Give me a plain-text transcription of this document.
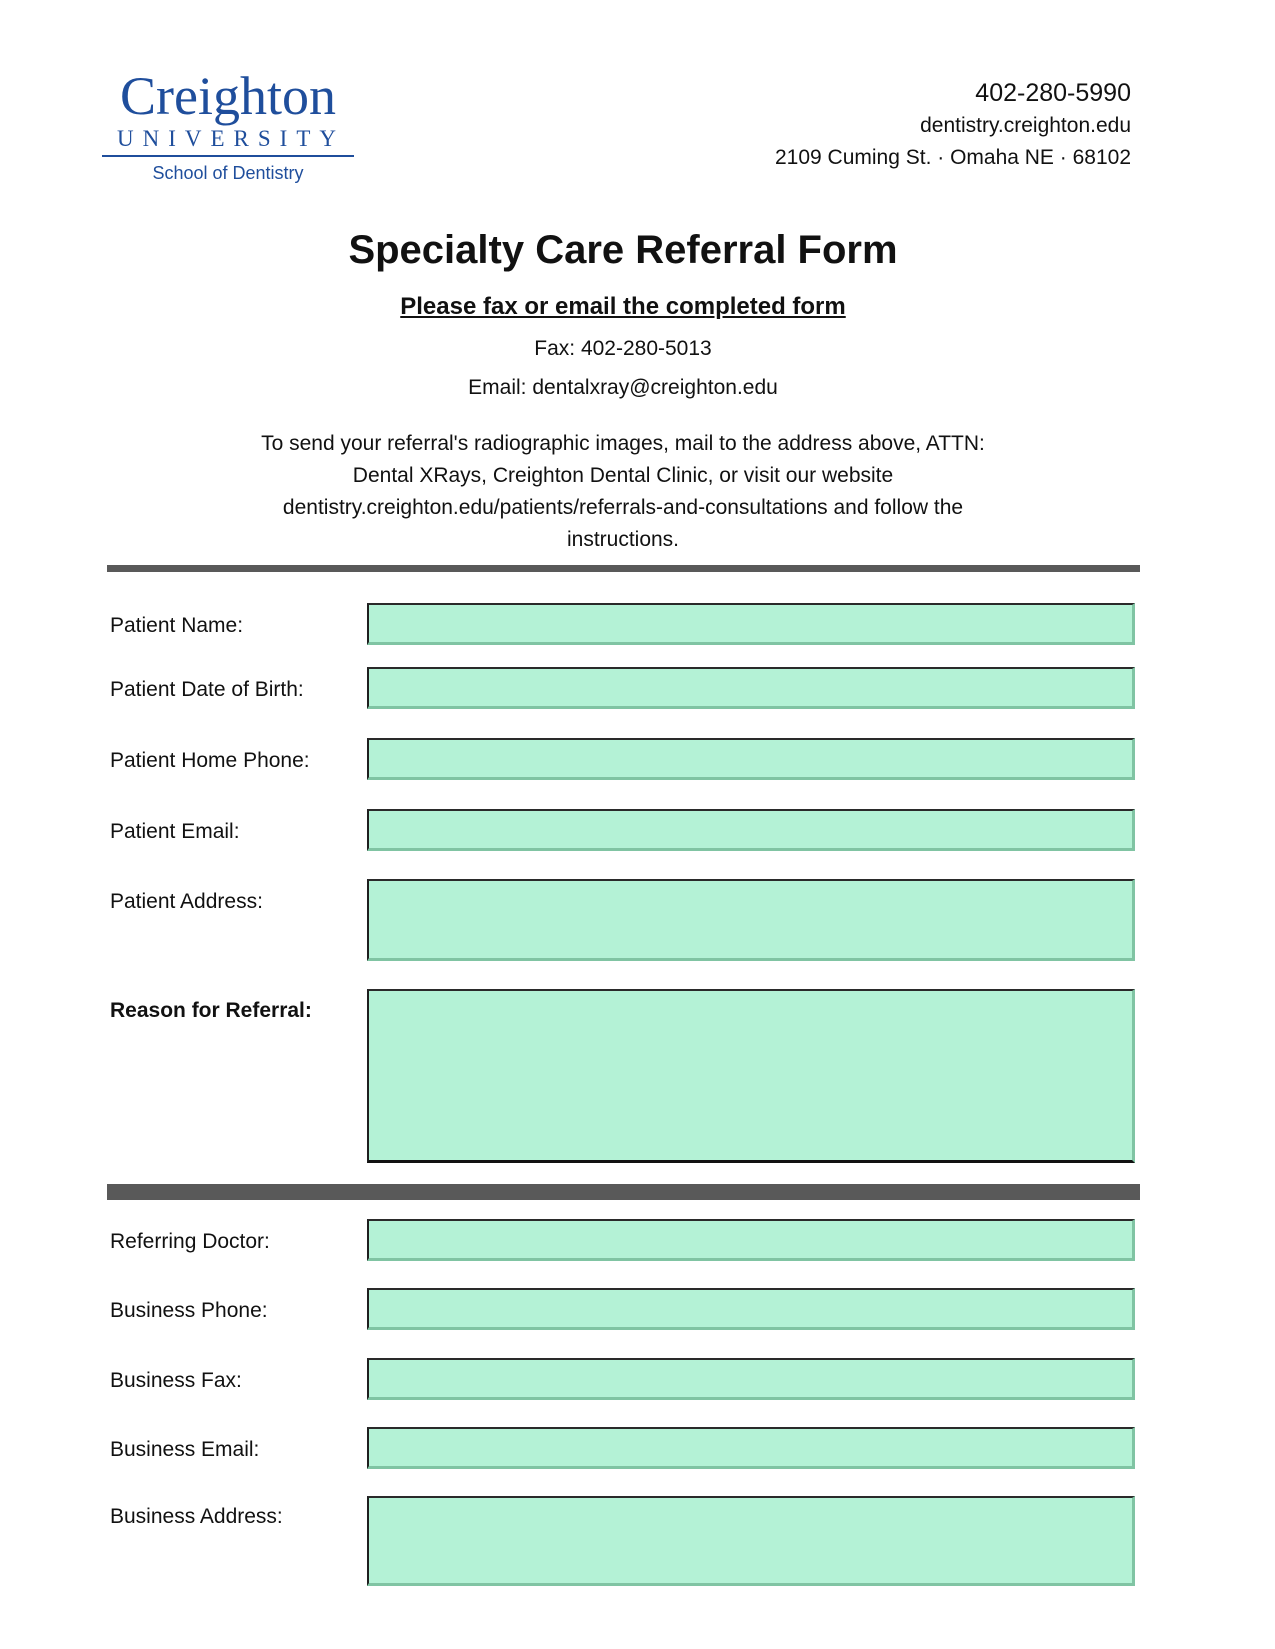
Creighton
UNIVERSITY
School of Dentistry
402-280-5990
dentistry.creighton.edu
2109 Cuming St. · Omaha NE · 68102
Specialty Care Referral Form
Please fax or email the completed form
Fax: 402-280-5013
Email: dentalxray@creighton.edu
To send your referral's radiographic images, mail to the address above, ATTN: Dental XRays, Creighton Dental Clinic, or visit our website dentistry.creighton.edu/patients/referrals-and-consultations and follow the instructions.
Patient Name:
Patient Date of Birth:
Patient Home Phone:
Patient Email:
Patient Address:
Reason for Referral:
Referring Doctor:
Business Phone:
Business Fax:
Business Email:
Business Address:
